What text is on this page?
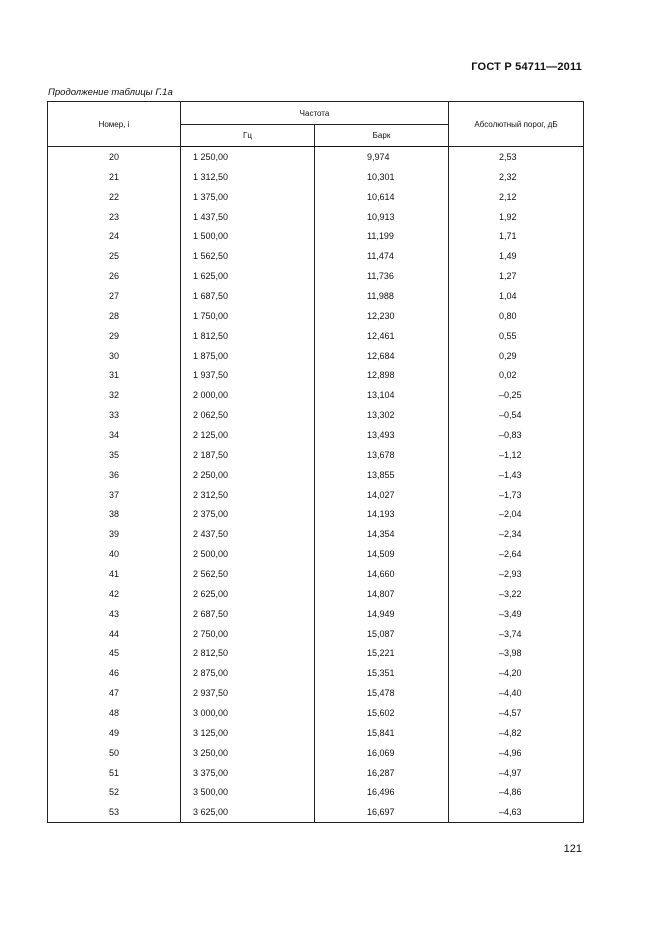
ГОСТ Р 54711—2011
Продолжение таблицы Г.1а
Номер, i	Частота		Абсолютный порог, дБ
	Гц	Барк	
20	1 250,00	9,974	2,53
21	1 312,50	10,301	2,32
22	1 375,00	10,614	2,12
23	1 437,50	10,913	1,92
24	1 500,00	11,199	1,71
25	1 562,50	11,474	1,49
26	1 625,00	11,736	1,27
27	1 687,50	11,988	1,04
28	1 750,00	12,230	0,80
29	1 812,50	12,461	0,55
30	1 875,00	12,684	0,29
31	1 937,50	12,898	0,02
32	2 000,00	13,104	–0,25
33	2 062,50	13,302	–0,54
34	2 125,00	13,493	–0,83
35	2 187,50	13,678	–1,12
36	2 250,00	13,855	–1,43
37	2 312,50	14,027	–1,73
38	2 375,00	14,193	–2,04
39	2 437,50	14,354	–2,34
40	2 500,00	14,509	–2,64
41	2 562,50	14,660	–2,93
42	2 625,00	14,807	–3,22
43	2 687,50	14,949	–3,49
44	2 750,00	15,087	–3,74
45	2 812,50	15,221	–3,98
46	2 875,00	15,351	–4,20
47	2 937,50	15,478	–4,40
48	3 000,00	15,602	–4,57
49	3 125,00	15,841	–4,82
50	3 250,00	16,069	–4,96
51	3 375,00	16,287	–4,97
52	3 500,00	16,496	–4,86
53	3 625,00	16,697	–4,63
121
